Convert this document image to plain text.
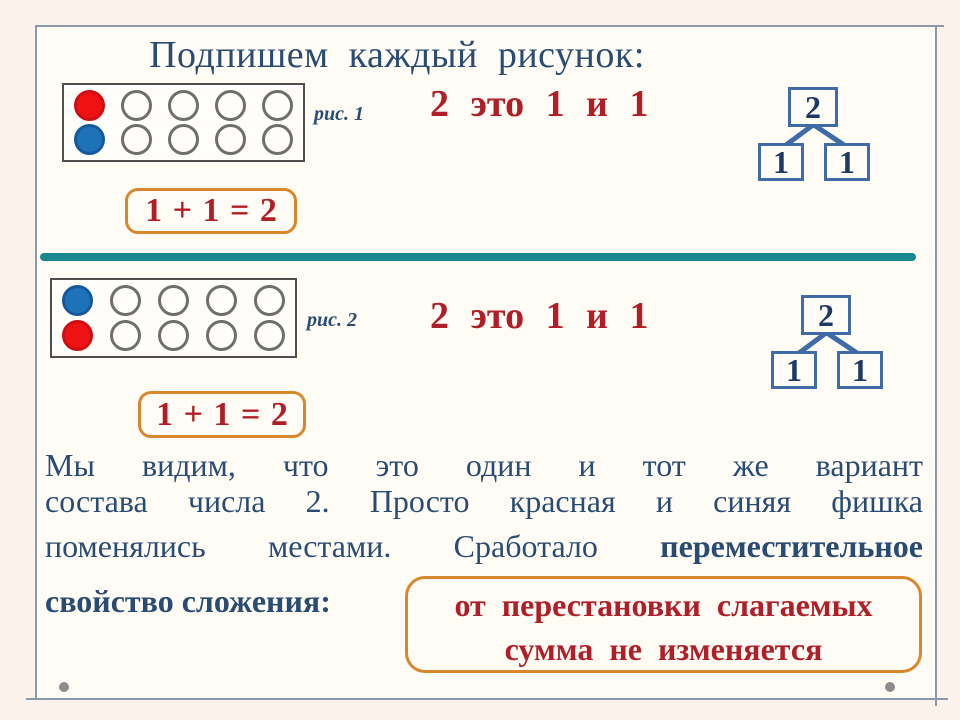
Подпишем каждый рисунок:
рис. 1 2 это 1 и 1	2
1	1
1 + 1 = 2
рис. 2 2 это 1 и 1	2
1	1
1 + 1 = 2
Мы видим, что это один и тот же вариант
состава числа 2. Просто красная и синяя фишка
поменялись местами. Сработало переместительное
свойство сложения:	от перестановки слагаемых
сумма не изменяется
